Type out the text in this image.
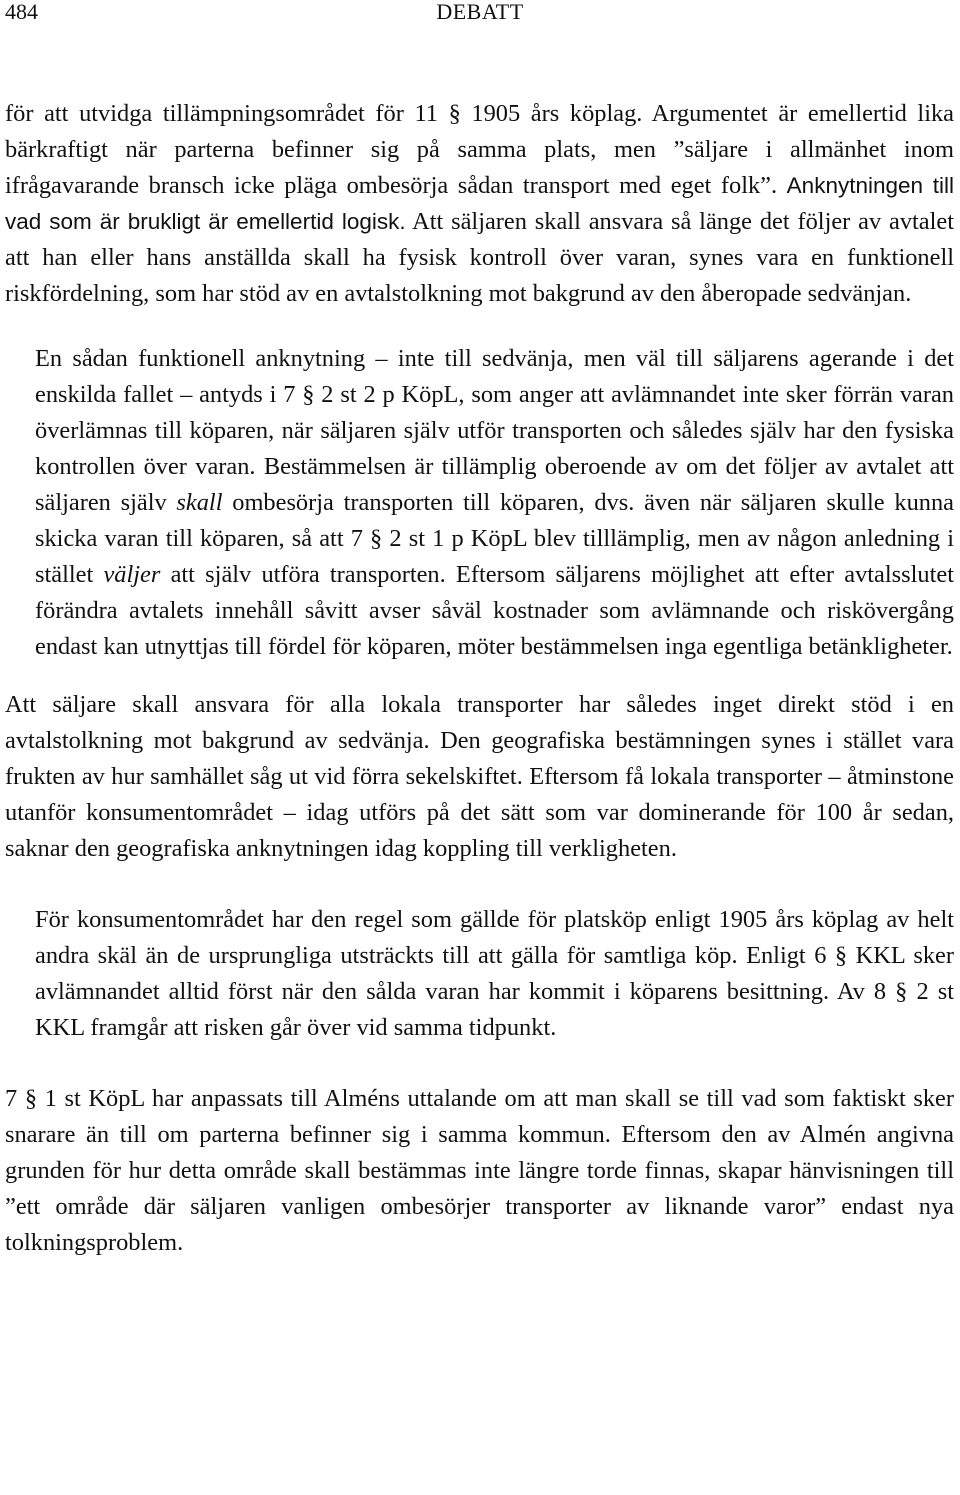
484	DEBATT

för att utvidga tillämpningsområdet för 11 § 1905 års köplag. Argumentet är emellertid lika bärkraftigt när parterna befinner sig på samma plats, men ”säljare i allmänhet inom ifrågavarande bransch icke pläga ombesörja sådan transport med eget folk”. Anknytningen till vad som är brukligt är emellertid logisk. Att säljaren skall ansvara så länge det följer av avtalet att han eller hans anställda skall ha fysisk kontroll över varan, synes vara en funktionell riskfördelning, som har stöd av en avtalstolkning mot bakgrund av den åberopade sedvänjan.

En sådan funktionell anknytning – inte till sedvänja, men väl till säljarens agerande i det enskilda fallet – antyds i 7 § 2 st 2 p KöpL, som anger att avlämnandet inte sker förrän varan överlämnas till köparen, när säljaren själv utför transporten och således själv har den fysiska kontrollen över varan. Bestämmelsen är tillämplig oberoende av om det följer av avtalet att säljaren själv skall ombesörja transporten till köparen, dvs. även när säljaren skulle kunna skicka varan till köparen, så att 7 § 2 st 1 p KöpL blev tilllämplig, men av någon anledning i stället väljer att själv utföra transporten. Eftersom säljarens möjlighet att efter avtalsslutet förändra avtalets innehåll såvitt avser såväl kostnader som avlämnande och riskövergång endast kan utnyttjas till fördel för köparen, möter bestämmelsen inga egentliga betänkligheter.

Att säljare skall ansvara för alla lokala transporter har således inget direkt stöd i en avtalstolkning mot bakgrund av sedvänja. Den geografiska bestämningen synes i stället vara frukten av hur samhället såg ut vid förra sekelskiftet. Eftersom få lokala transporter – åtminstone utanför konsumentområdet – idag utförs på det sätt som var dominerande för 100 år sedan, saknar den geografiska anknytningen idag koppling till verkligheten.

För konsumentområdet har den regel som gällde för platsköp enligt 1905 års köplag av helt andra skäl än de ursprungliga utsträckts till att gälla för samtliga köp. Enligt 6 § KKL sker avlämnandet alltid först när den sålda varan har kommit i köparens besittning. Av 8 § 2 st KKL framgår att risken går över vid samma tidpunkt.

7 § 1 st KöpL har anpassats till Alméns uttalande om att man skall se till vad som faktiskt sker snarare än till om parterna befinner sig i samma kommun. Eftersom den av Almén angivna grunden för hur detta område skall bestämmas inte längre torde finnas, skapar hänvisningen till ”ett område där säljaren vanligen ombesörjer transporter av liknande varor” endast nya tolkningsproblem.
